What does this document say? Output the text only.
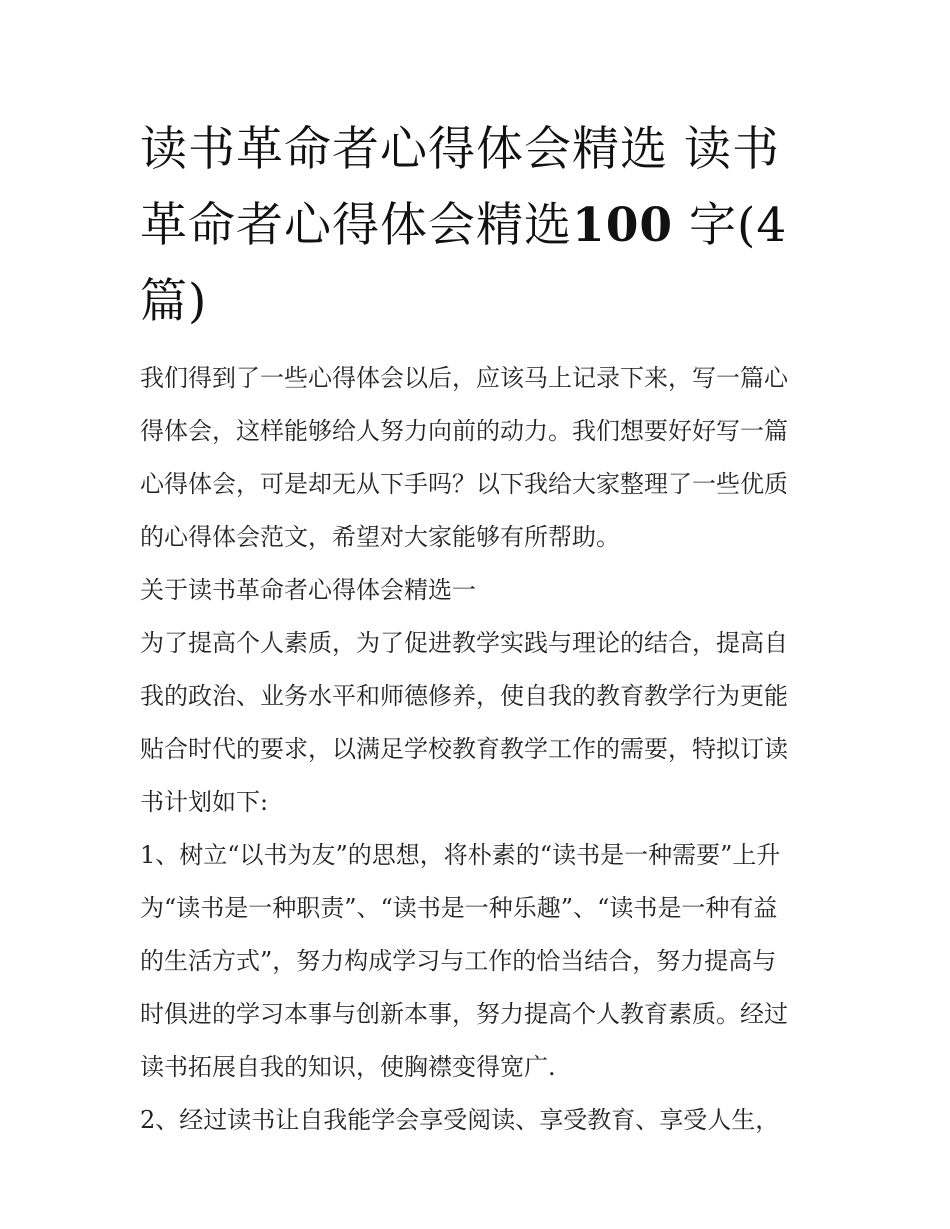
读书革命者心得体会精选 读书
革命者心得体会精选100 字(4
篇)
我们得到了一些心得体会以后，应该马上记录下来，写一篇心
得体会，这样能够给人努力向前的动力。我们想要好好写一篇
心得体会，可是却无从下手吗？以下我给大家整理了一些优质
的心得体会范文，希望对大家能够有所帮助。
关于读书革命者心得体会精选一
为了提高个人素质，为了促进教学实践与理论的结合，提高自
我的政治、业务水平和师德修养，使自我的教育教学行为更能
贴合时代的要求，以满足学校教育教学工作的需要，特拟订读
书计划如下:
1、树立“以书为友”的思想，将朴素的“读书是一种需要”上升
为“读书是一种职责”、“读书是一种乐趣”、“读书是一种有益
的生活方式”，努力构成学习与工作的恰当结合，努力提高与
时俱进的学习本事与创新本事，努力提高个人教育素质。经过
读书拓展自我的知识，使胸襟变得宽广.
2、经过读书让自我能学会享受阅读、享受教育、享受人生，
